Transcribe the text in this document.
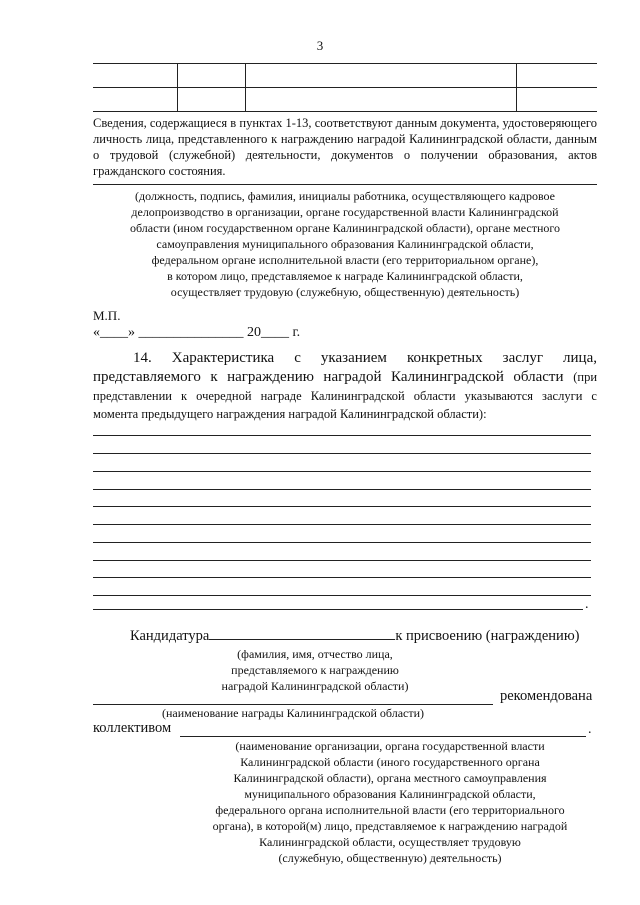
3

Сведения, содержащиеся в пунктах 1-13, соответствуют данным документа, удостоверяющего личность лица, представленного к награждению наградой Калининградской области, данным о трудовой (служебной) деятельности, документов о получении образования, актов гражданского состояния.
(должность, подпись, фамилия, инициалы работника, осуществляющего кадровое
делопроизводство в организации, органе государственной власти Калининградской
области (ином государственном органе Калининградской области), органе местного
самоуправления муниципального образования Калининградской области,
федеральном органе исполнительной власти (его территориальном органе),
в котором лицо, представляемое к награде Калининградской области,
осуществляет трудовую (служебную, общественную) деятельность)
М.П.
«____» _______________ 20____ г.
14. Характеристика с указанием конкретных заслуг лица, представляемого к награждению наградой Калининградской области (при представлении к очередной награде Калининградской области указываются заслуги с момента предыдущего награждения наградой Калининградской области):
.
Кандидатура	к присвоению (награждению)
(фамилия, имя, отчество лица,
представляемого к награждению
наградой Калининградской области)
рекомендована
(наименование награды Калининградской области)
коллективом	.
(наименование организации, органа государственной власти
Калининградской области (иного государственного органа
Калининградской области), органа местного самоуправления
муниципального образования Калининградской области,
федерального органа исполнительной власти (его территориального
органа), в которой(м) лицо, представляемое к награждению наградой
Калининградской области, осуществляет трудовую
(служебную, общественную) деятельность)
